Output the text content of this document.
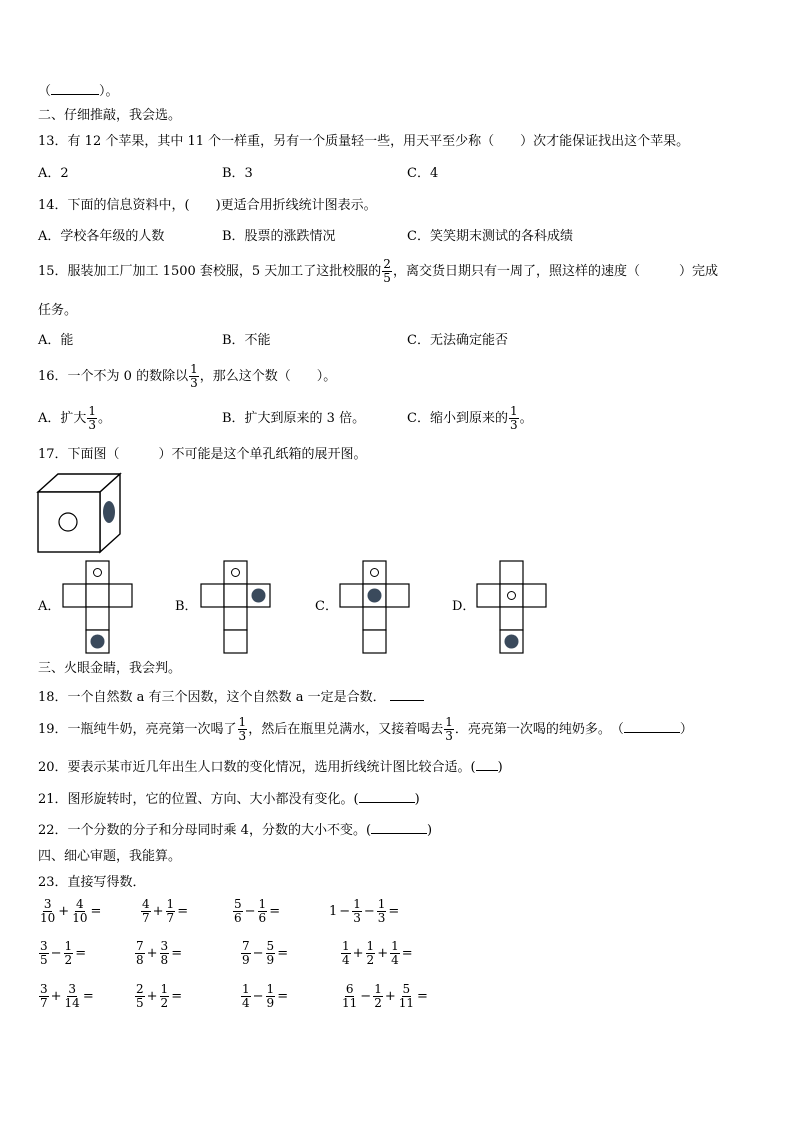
（	）。
二、仔细推敲，我会选。
13．有 12 个苹果，其中 11 个一样重，另有一个质量轻一些，用天平至少称（　　）次才能保证找出这个苹果。
A．2	B．3	C．4
14．下面的信息资料中，(　　)更适合用折线统计图表示。
A．学校各年级的人数	B．股票的涨跌情况	C．笑笑期末测试的各科成绩
15．服装加工厂加工 1500 套校服，5 天加工了这批校服的 $\frac{2}{5}$ ，离交货日期只有一周了，照这样的速度（　　　）完成
任务。
A．能	B．不能	C．无法确定能否
16．一个不为 0 的数除以 $\frac{1}{3}$ ，那么这个数（　　）。
A．扩大 $\frac{1}{3}$ 。	B．扩大到原来的 3 倍。	C．缩小到原来的 $\frac{1}{3}$ 。
17．下面图（　　　）不可能是这个单孔纸箱的展开图。
A．	B．	C．	D．
三、火眼金睛，我会判。
18．一个自然数 a 有三个因数，这个自然数 a 一定是合数．
19．一瓶纯牛奶，亮亮第一次喝了 $\frac{1}{3}$ ，然后在瓶里兑满水，又接着喝去 $\frac{1}{3}$ ．亮亮第一次喝的纯奶多。　 （	）
20．要表示某市近几年出生人口数的变化情况，选用折线统计图比较合适。( )
21．图形旋转时，它的位置、方向、大小都没有变化。(	)
22．一个分数的分子和分母同时乘 4，分数的大小不变。(	)
四、细心审题，我能算。
23．直接写得数．
$\frac{3}{10} + \frac{4}{10}$ =	$\frac{4}{7} + \frac{1}{7}$ =	$\frac{5}{6} - \frac{1}{6}$ =	$1 - \frac{1}{3} - \frac{1}{3}$ =
$\frac{3}{5} - \frac{1}{2}$ =	$\frac{7}{8} + \frac{3}{8}$ =	$\frac{7}{9} - \frac{5}{9}$ =	$\frac{1}{4} + \frac{1}{2} + \frac{1}{4}$ =
$\frac{3}{7} + \frac{3}{14}$ =	$\frac{2}{5} + \frac{1}{2}$ =	$\frac{1}{4} - \frac{1}{9}$ =	$\frac{6}{11} - \frac{1}{2} + \frac{5}{11}$ =
